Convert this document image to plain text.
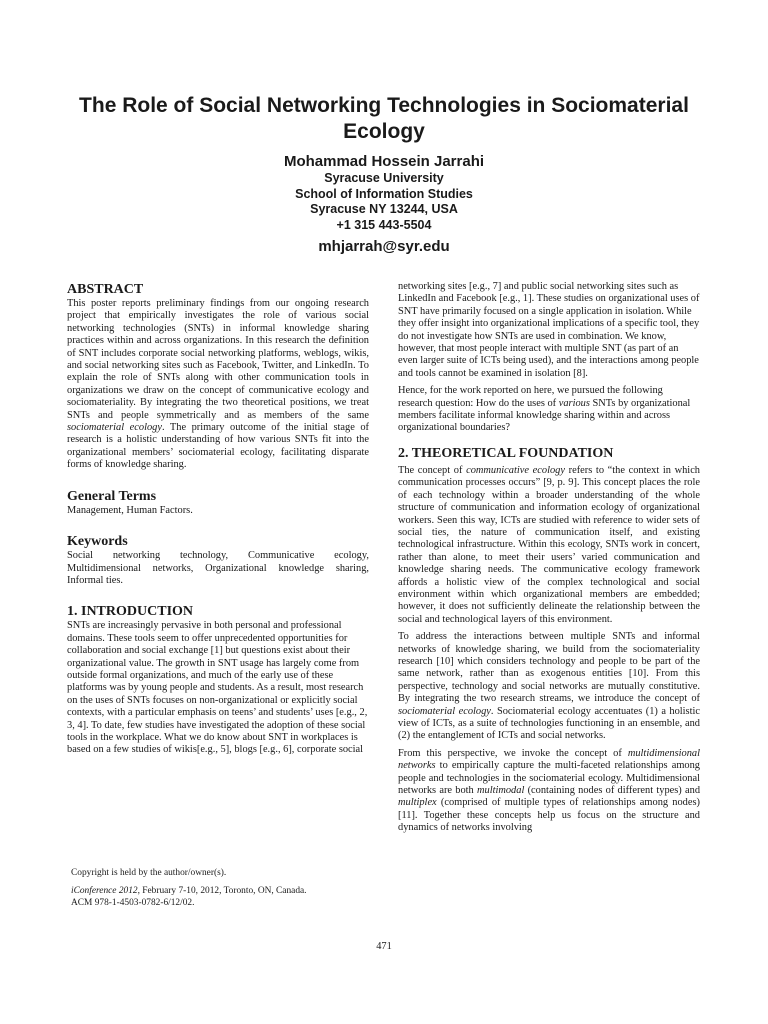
The Role of Social Networking Technologies in Sociomaterial Ecology
Mohammad Hossein Jarrahi
Syracuse University
School of Information Studies
Syracuse NY 13244, USA
+1 315 443-5504
mhjarrah@syr.edu
ABSTRACT

This poster reports preliminary findings from our ongoing research project that empirically investigates the role of various social networking technologies (SNTs) in informal knowledge sharing practices within and across organizations. In this research the definition of SNT includes corporate social networking platforms, weblogs, wikis, and social networking sites such as Facebook, Twitter, and LinkedIn. To explain the role of SNTs along with other communication tools in organizations we draw on the concept of communicative ecology and sociomateriality. By integrating the two theoretical positions, we treat SNTs and people symmetrically and as members of the same sociomaterial ecology. The primary outcome of the initial stage of research is a holistic understanding of how various SNTs fit into the organizational members’ sociomaterial ecology, facilitating disparate forms of knowledge sharing.

General Terms

Management, Human Factors.

Keywords

Social networking technology, Communicative ecology, Multidimensional networks, Organizational knowledge sharing, Informal ties.

1. INTRODUCTION

SNTs are increasingly pervasive in both personal and professional domains. These tools seem to offer unprecedented opportunities for collaboration and social exchange [1] but questions exist about their organizational value. The growth in SNT usage has largely come from outside formal organizations, and much of the early use of these platforms was by young people and students. As a result, most research on the uses of SNTs focuses on non-organizational or explicitly social contexts, with a particular emphasis on teens’ and students’ uses [e.g., 2, 3, 4]. To date, few studies have investigated the adoption of these social tools in the workplace. What we do know about SNT in workplaces is based on a few studies of wikis[e.g., 5], blogs [e.g., 6], corporate social

Copyright is held by the author/owner(s).

iConference 2012, February 7-10, 2012, Toronto, ON, Canada.

ACM 978-1-4503-0782-6/12/02.

networking sites [e.g., 7] and public social networking sites such as LinkedIn and Facebook [e.g., 1]. These studies on organizational uses of SNT have primarily focused on a single application in isolation. While they offer insight into organizational implications of a specific tool, they do not investigate how SNTs are used in combination. We know, however, that most people interact with multiple SNT (as part of an even larger suite of ICTs being used), and the interactions among people and tools cannot be examined in isolation [8].

Hence, for the work reported on here, we pursued the following research question: How do the uses of various SNTs by organizational members facilitate informal knowledge sharing within and across organizational boundaries?

2. THEORETICAL FOUNDATION

The concept of communicative ecology refers to “the context in which communication processes occurs” [9, p. 9]. This concept places the role of each technology within a broader understanding of the whole structure of communication and information ecology of organizational workers. Seen this way, ICTs are studied with reference to wider sets of social ties, the nature of communication itself, and existing technological infrastructure. Within this ecology, SNTs work in concert, rather than alone, to meet their users’ varied communication and knowledge sharing needs. The communicative ecology framework affords a holistic view of the complex technological and social environment within which organizational members are embedded; however, it does not sufficiently delineate the relationship between the social and technological layers of this environment.

To address the interactions between multiple SNTs and informal networks of knowledge sharing, we build from the sociomateriality research [10] which considers technology and people to be part of the same network, rather than as exogenous entities [10]. From this perspective, technology and social networks are mutually constitutive. By integrating the two research streams, we introduce the concept of sociomaterial ecology. Sociomaterial ecology accentuates (1) a holistic view of ICTs, as a suite of technologies functioning in an ensemble, and (2) the entanglement of ICTs and social networks.

From this perspective, we invoke the concept of multidimensional networks to empirically capture the multi-faceted relationships among people and technologies in the sociomaterial ecology. Multidimensional networks are both multimodal (containing nodes of different types) and multiplex (comprised of multiple types of relationships among nodes) [11]. Together these concepts help us focus on the structure and dynamics of networks involving

471
